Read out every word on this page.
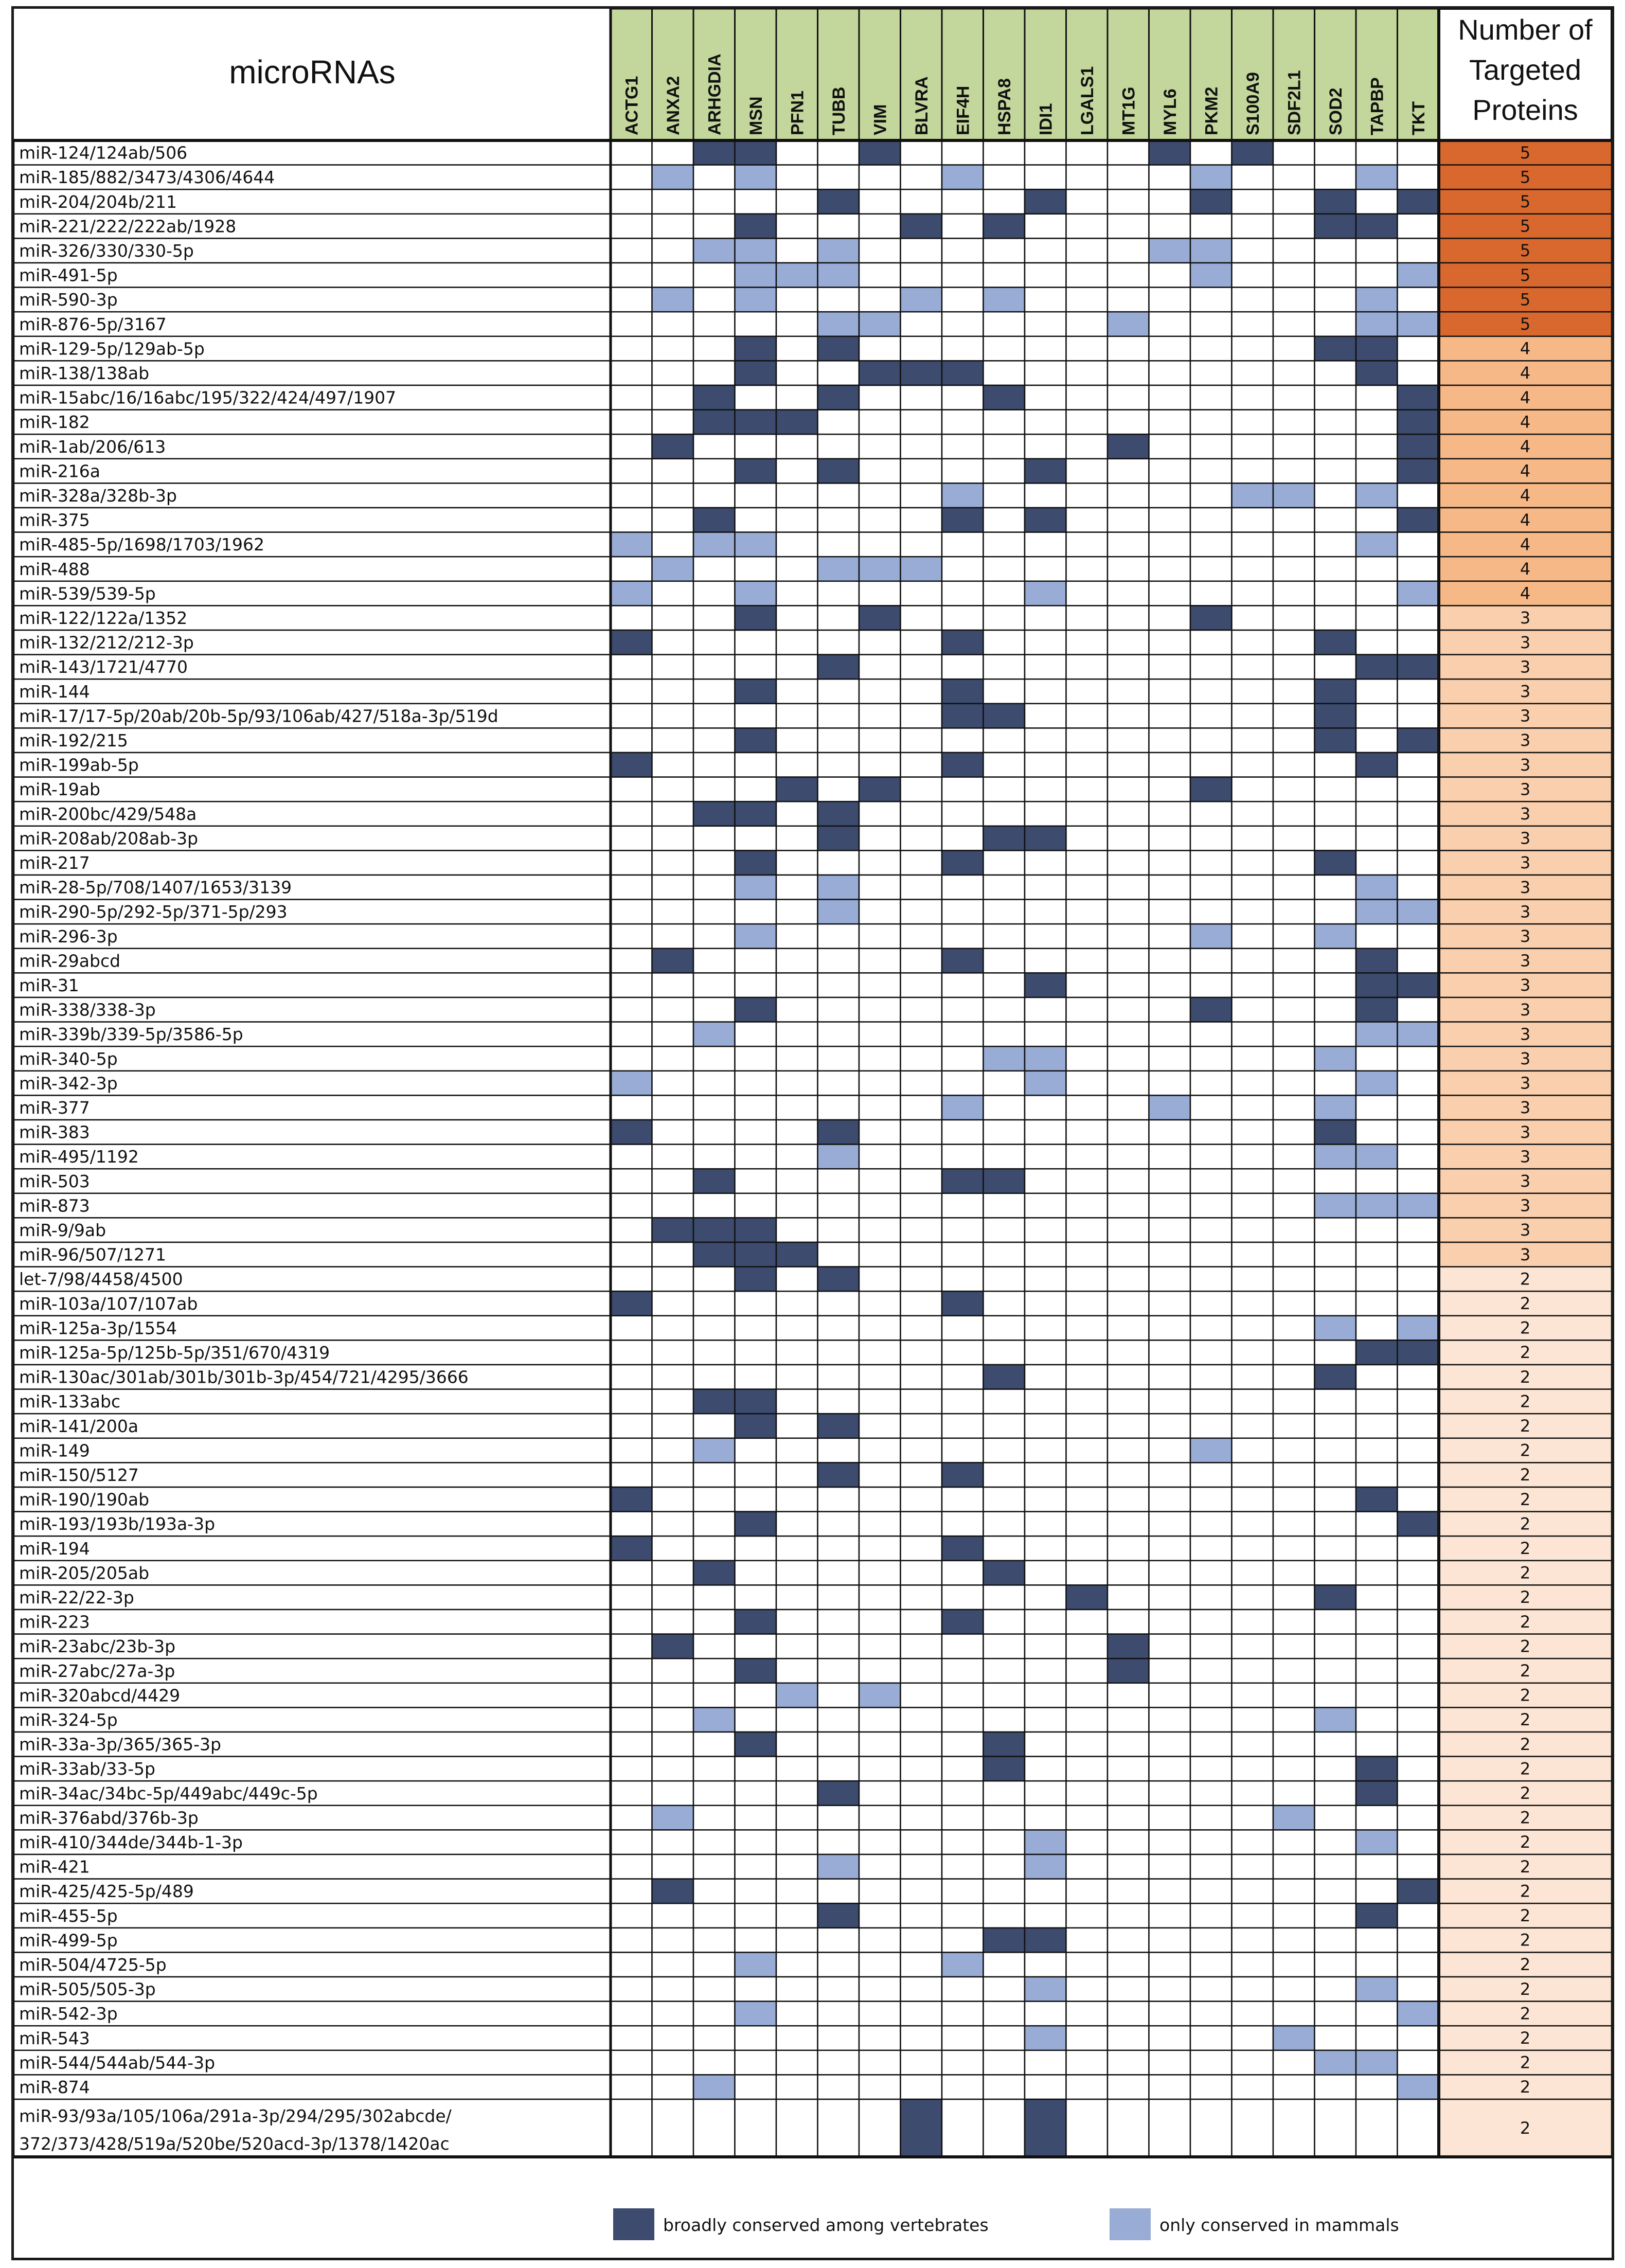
microRNAs
ACTG1 ANXA2 ARHGDIA MSN PFN1 TUBB VIM BLVRA EIF4H HSPA8 IDI1 LGALS1 MT1G MYL6 PKM2 S100A9 SDF2L1 SOD2 TAPBP TKT
Number of
Targeted
Proteins
miR-124/124ab/506	5
miR-185/882/3473/4306/4644	5
miR-204/204b/211	5
miR-221/222/222ab/1928	5
miR-326/330/330-5p	5
miR-491-5p	5
miR-590-3p	5
miR-876-5p/3167	5
miR-129-5p/129ab-5p	4
miR-138/138ab	4
miR-15abc/16/16abc/195/322/424/497/1907	4
miR-182	4
miR-1ab/206/613	4
miR-216a	4
miR-328a/328b-3p	4
miR-375	4
miR-485-5p/1698/1703/1962	4
miR-488	4
miR-539/539-5p	4
miR-122/122a/1352	3
miR-132/212/212-3p	3
miR-143/1721/4770	3
miR-144	3
miR-17/17-5p/20ab/20b-5p/93/106ab/427/518a-3p/519d	3
miR-192/215	3
miR-199ab-5p	3
miR-19ab	3
miR-200bc/429/548a	3
miR-208ab/208ab-3p	3
miR-217	3
miR-28-5p/708/1407/1653/3139	3
miR-290-5p/292-5p/371-5p/293	3
miR-296-3p	3
miR-29abcd	3
miR-31	3
miR-338/338-3p	3
miR-339b/339-5p/3586-5p	3
miR-340-5p	3
miR-342-3p	3
miR-377	3
miR-383	3
miR-495/1192	3
miR-503	3
miR-873	3
miR-9/9ab	3
miR-96/507/1271	3
let-7/98/4458/4500	2
miR-103a/107/107ab	2
miR-125a-3p/1554	2
miR-125a-5p/125b-5p/351/670/4319	2
miR-130ac/301ab/301b/301b-3p/454/721/4295/3666	2
miR-133abc	2
miR-141/200a	2
miR-149	2
miR-150/5127	2
miR-190/190ab	2
miR-193/193b/193a-3p	2
miR-194	2
miR-205/205ab	2
miR-22/22-3p	2
miR-223	2
miR-23abc/23b-3p	2
miR-27abc/27a-3p	2
miR-320abcd/4429	2
miR-324-5p	2
miR-33a-3p/365/365-3p	2
miR-33ab/33-5p	2
miR-34ac/34bc-5p/449abc/449c-5p	2
miR-376abd/376b-3p	2
miR-410/344de/344b-1-3p	2
miR-421	2
miR-425/425-5p/489	2
miR-455-5p	2
miR-499-5p	2
miR-504/4725-5p	2
miR-505/505-3p	2
miR-542-3p	2
miR-543	2
miR-544/544ab/544-3p	2
miR-874	2
miR-93/93a/105/106a/291a-3p/294/295/302abcde/
372/373/428/519a/520be/520acd-3p/1378/1420ac
2
broadly conserved among vertebrates	only conserved in mammals
